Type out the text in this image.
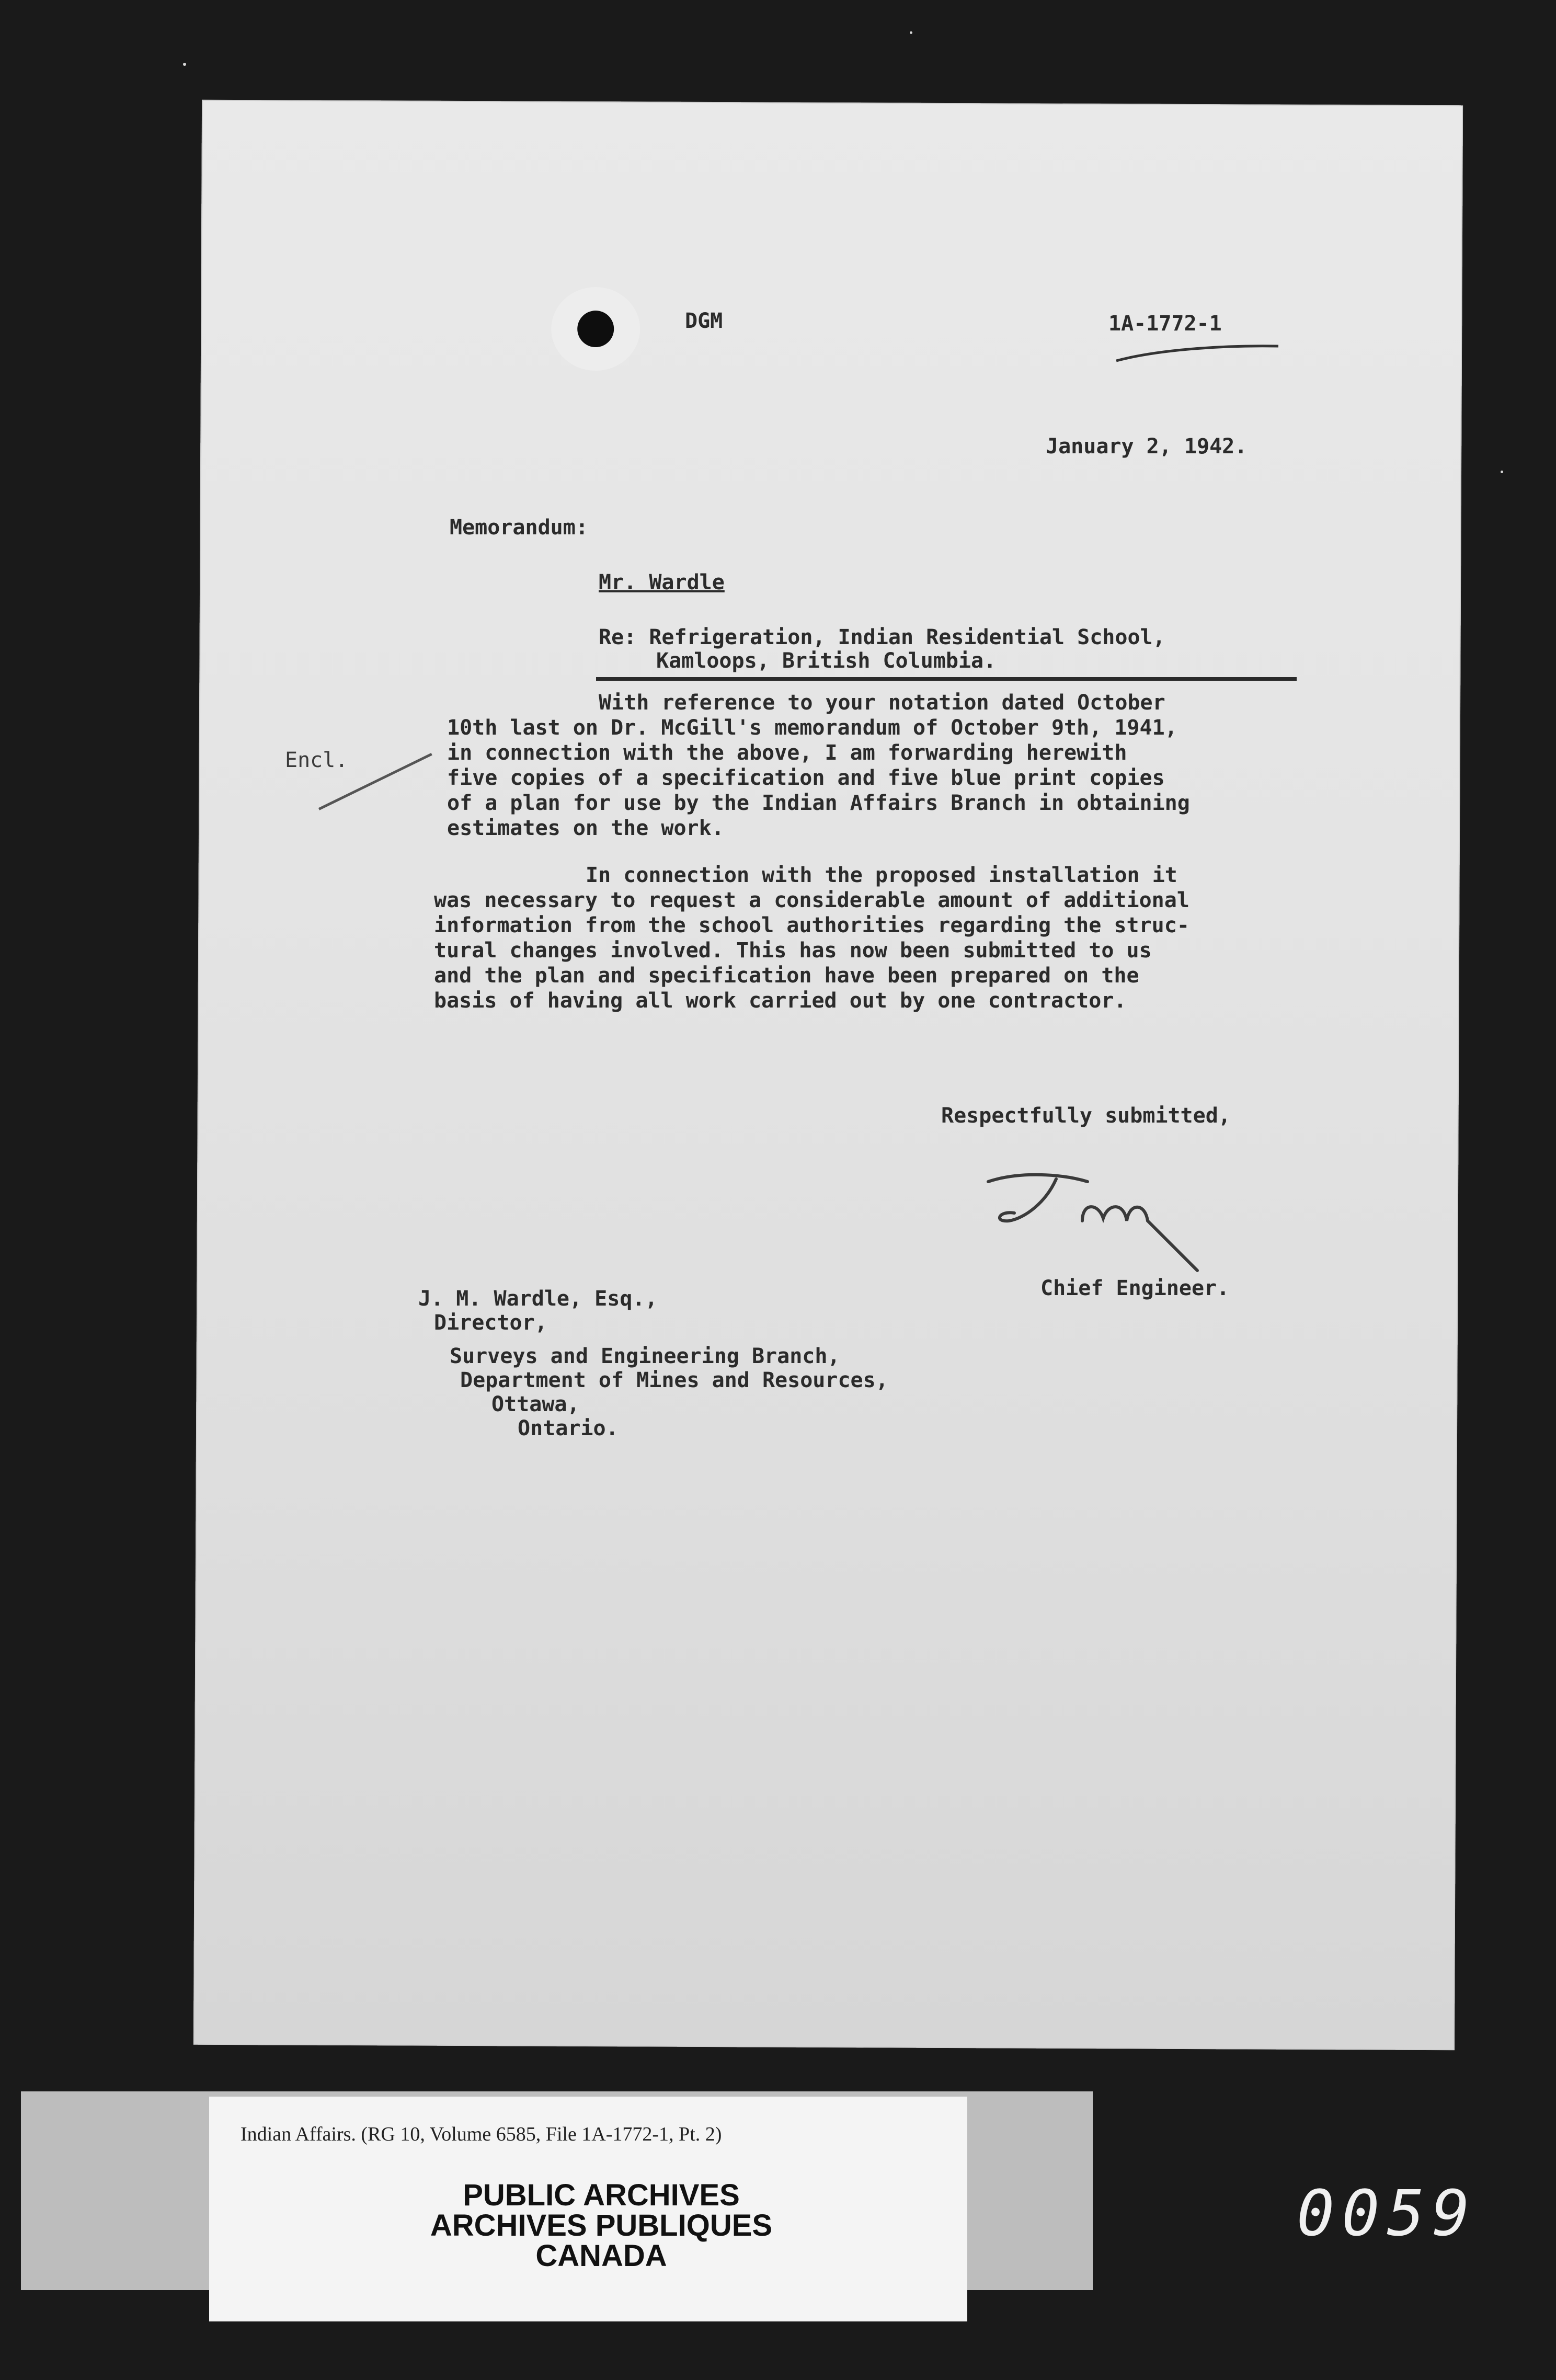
DGM	1A-1772-1
January 2, 1942.
Memorandum:
Mr. Wardle
Re: Refrigeration, Indian Residential School,
Kamloops, British Columbia.
Encl.
With reference to your notation dated October
10th last on Dr. McGill's memorandum of October 9th, 1941,
in connection with the above, I am forwarding herewith
five copies of a specification and five blue print copies
of a plan for use by the Indian Affairs Branch in obtaining
estimates on the work.
In connection with the proposed installation it
was necessary to request a considerable amount of additional
information from the school authorities regarding the struc-
tural changes involved. This has now been submitted to us
and the plan and specification have been prepared on the
basis of having all work carried out by one contractor.
Respectfully submitted,
Chief Engineer.
J. M. Wardle, Esq.,
Director,
Surveys and Engineering Branch,
Department of Mines and Resources,
Ottawa,
Ontario.
Indian Affairs. (RG 10, Volume 6585, File 1A-1772-1, Pt. 2)
PUBLIC ARCHIVES
ARCHIVES PUBLIQUES
CANADA
0059
